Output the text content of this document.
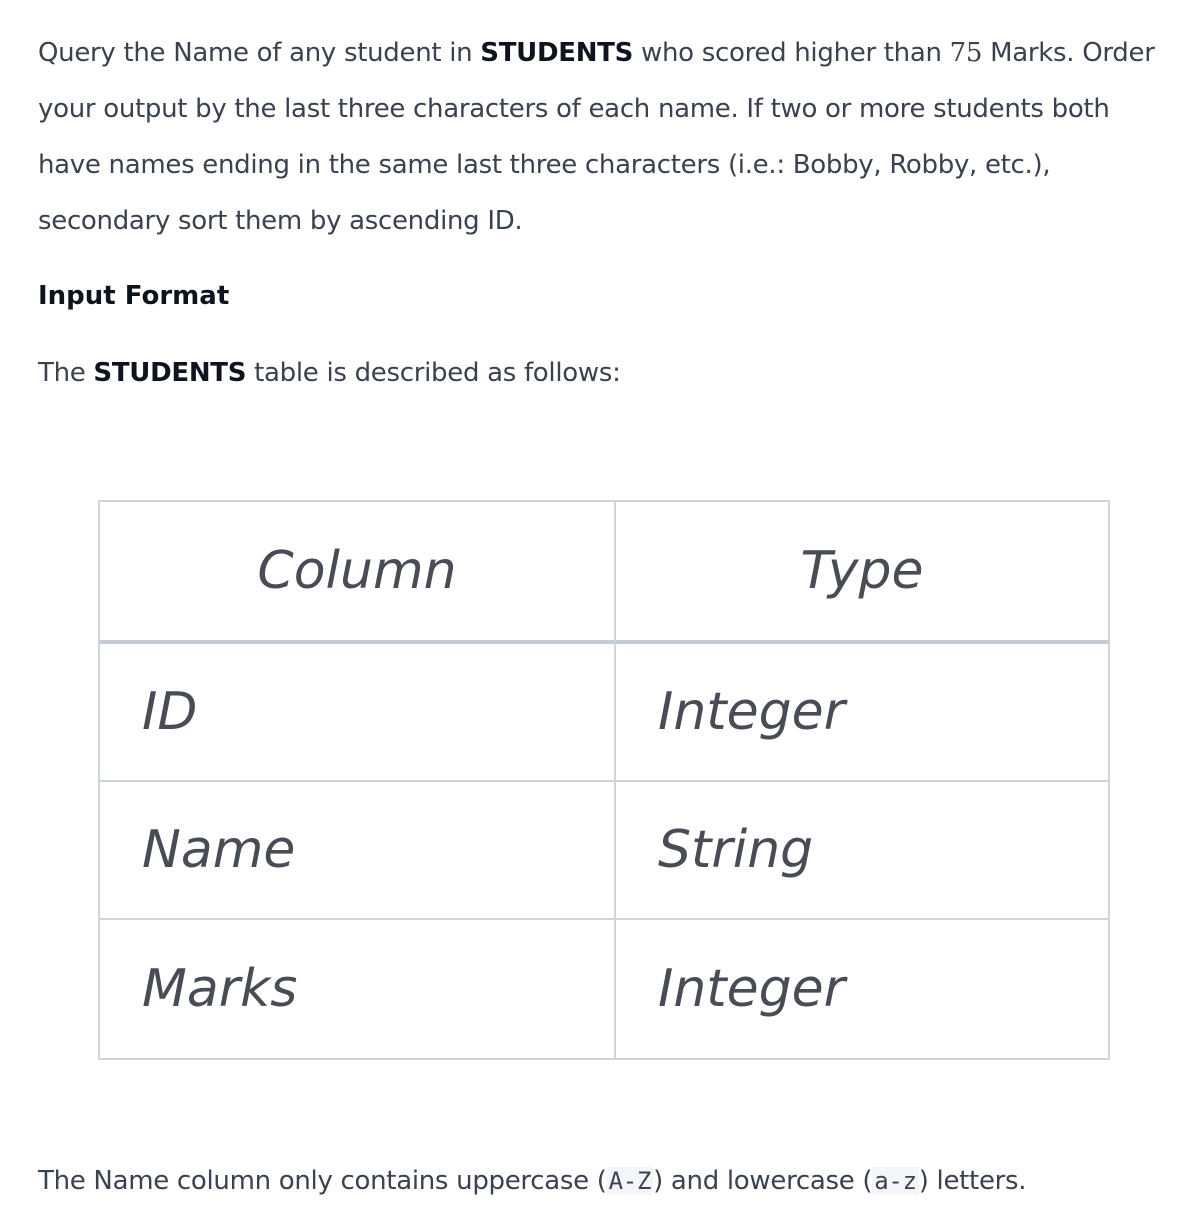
Query the Name of any student in STUDENTS who scored higher than 75 Marks. Order your output by the last three characters of each name. If two or more students both have names ending in the same last three characters (i.e.: Bobby, Robby, etc.), secondary sort them by ascending ID.
Input Format
The STUDENTS table is described as follows:
The Name column only contains uppercase (A-Z) and lowercase (a-z) letters.
Column	Type
ID	Integer
Name	String
Marks	Integer
